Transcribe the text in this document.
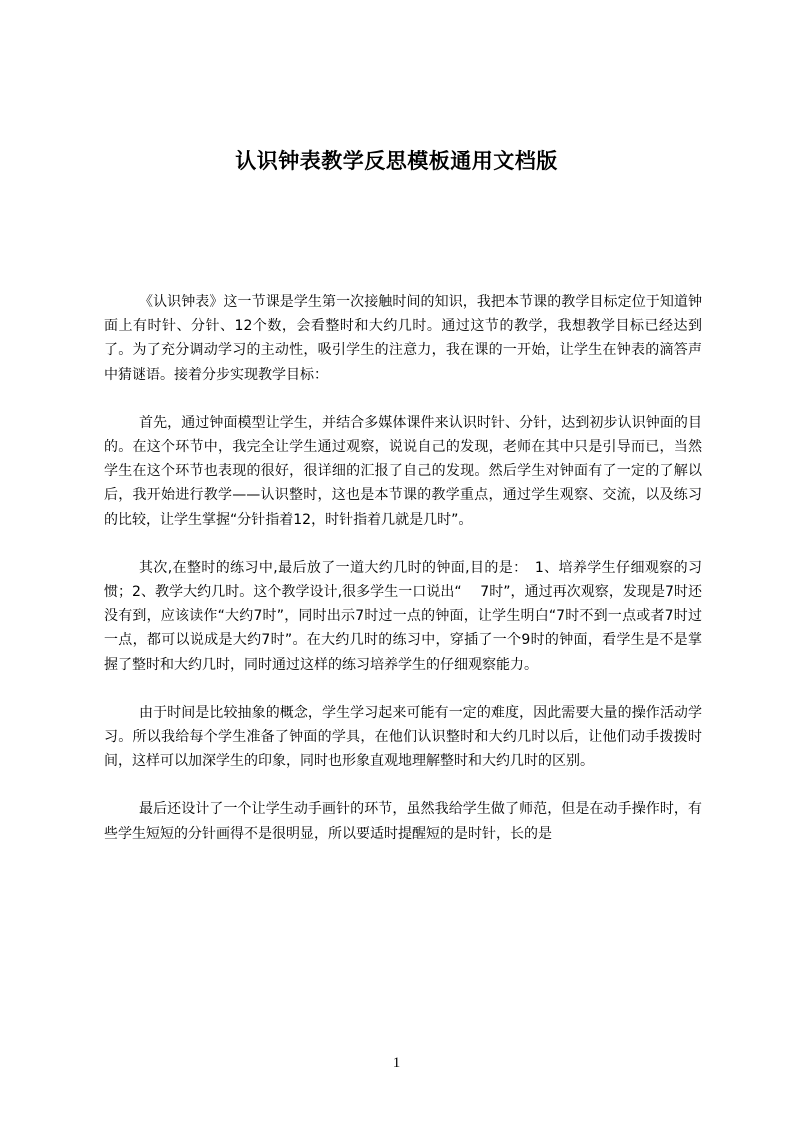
认识钟表教学反思模板通用文档版

《认识钟表》这一节课是学生第一次接触时间的知识，我把本节课的教学目标定位于知道钟面上有时针、分针、12个数，会看整时和大约几时。通过这节的教学，我想教学目标已经达到了。为了充分调动学习的主动性，吸引学生的注意力，我在课的一开始，让学生在钟表的滴答声中猜谜语。接着分步实现教学目标：

首先，通过钟面模型让学生，并结合多媒体课件来认识时针、分针，达到初步认识钟面的目的。在这个环节中，我完全让学生通过观察，说说自己的发现，老师在其中只是引导而已，当然学生在这个环节也表现的很好，很详细的汇报了自己的发现。然后学生对钟面有了一定的了解以后，我开始进行教学——认识整时，这也是本节课的教学重点，通过学生观察、交流，以及练习的比较，让学生掌握“分针指着12，时针指着几就是几时”。

其次,在整时的练习中,最后放了一道大约几时的钟面,目的是：　1、培养学生仔细观察的习惯；2、教学大约几时。这个教学设计,很多学生一口说出“　 7时”，通过再次观察，发现是7时还没有到，应该读作“大约7时”，同时出示7时过一点的钟面，让学生明白“7时不到一点或者7时过一点，都可以说成是大约7时”。在大约几时的练习中，穿插了一个9时的钟面，看学生是不是掌握了整时和大约几时，同时通过这样的练习培养学生的仔细观察能力。

由于时间是比较抽象的概念，学生学习起来可能有一定的难度，因此需要大量的操作活动学习。所以我给每个学生准备了钟面的学具，在他们认识整时和大约几时以后，让他们动手拨拨时间，这样可以加深学生的印象，同时也形象直观地理解整时和大约几时的区别。

最后还设计了一个让学生动手画针的环节，虽然我给学生做了师范，但是在动手操作时，有些学生短短的分针画得不是很明显，所以要适时提醒短的是时针，长的是

1
